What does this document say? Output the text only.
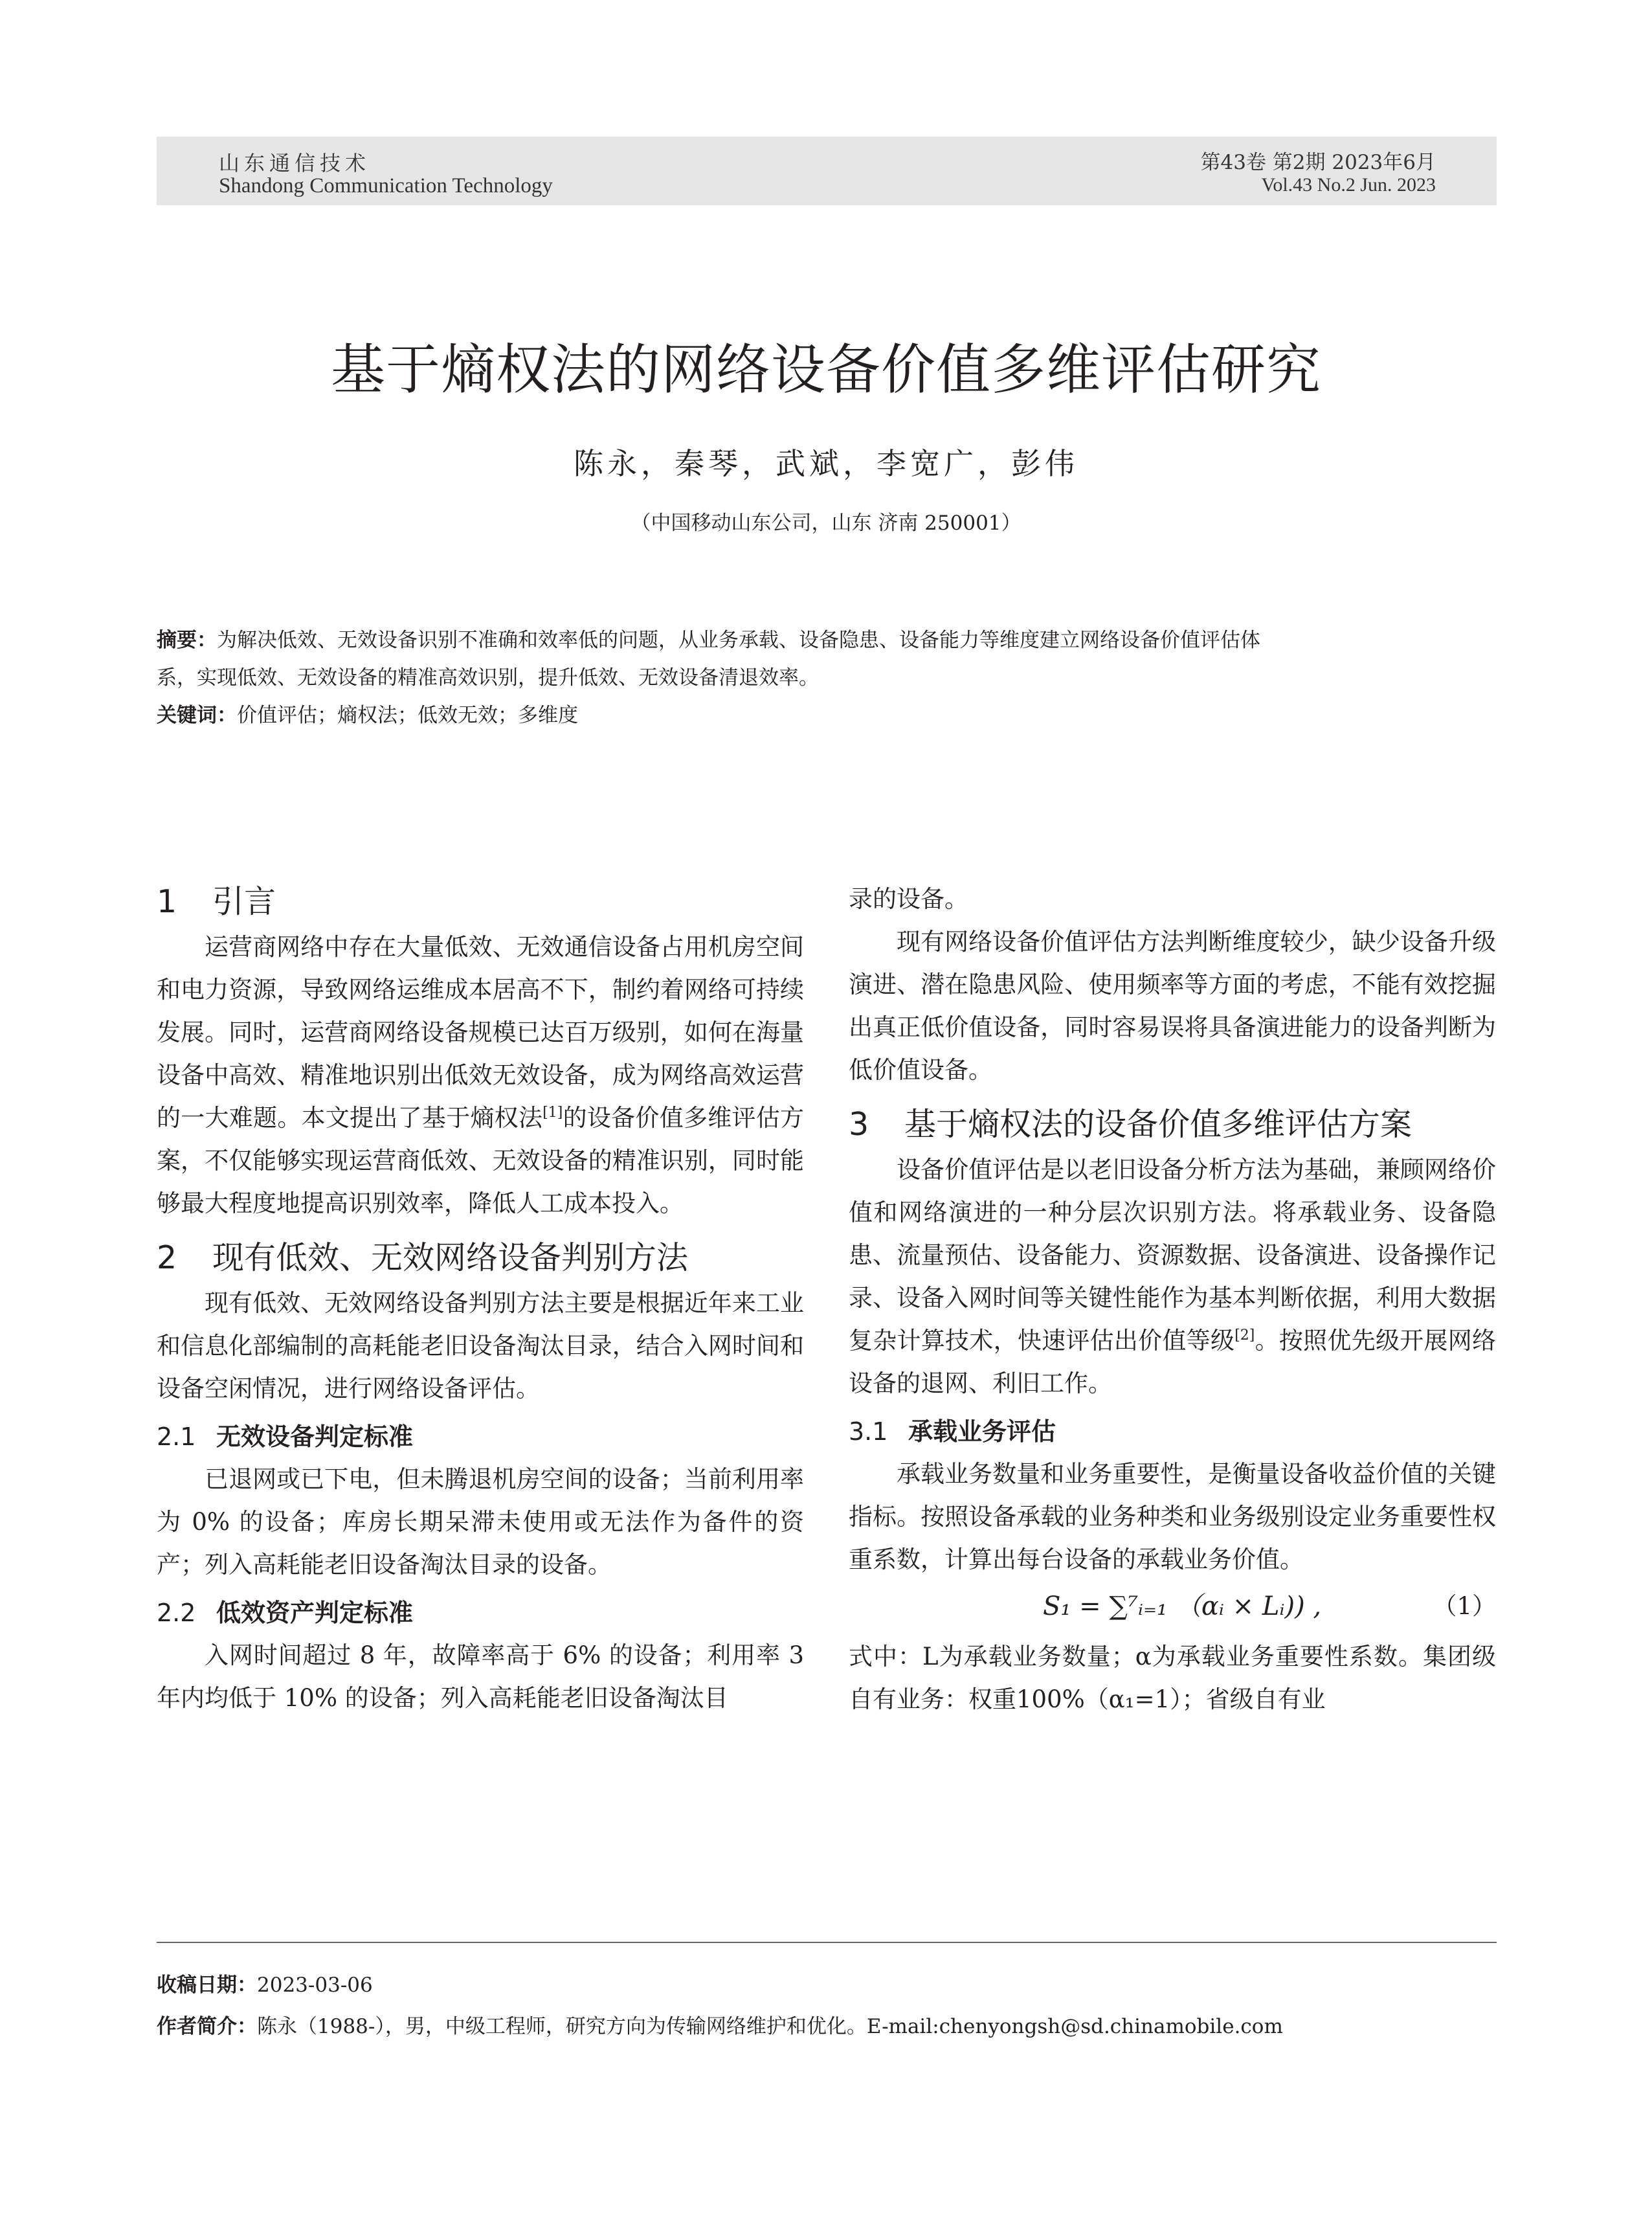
山东通信技术
Shandong Communication Technology
第43卷 第2期 2023年6月
Vol.43 No.2 Jun. 2023
基于熵权法的网络设备价值多维评估研究
陈永，秦琴，武斌，李宽广，彭伟
（中国移动山东公司，山东 济南 250001）
摘要：为解决低效、无效设备识别不准确和效率低的问题，从业务承载、设备隐患、设备能力等维度建立网络设备价值评估体
系，实现低效、无效设备的精准高效识别，提升低效、无效设备清退效率。
关键词：价值评估；熵权法；低效无效；多维度
1 引言

运营商网络中存在大量低效、无效通信设备占用机房空间和电力资源，导致网络运维成本居高不下，制约着网络可持续发展。同时，运营商网络设备规模已达百万级别，如何在海量设备中高效、精准地识别出低效无效设备，成为网络高效运营的一大难题。本文提出了基于熵权法[1]的设备价值多维评估方案，不仅能够实现运营商低效、无效设备的精准识别，同时能够最大程度地提高识别效率，降低人工成本投入。

2 现有低效、无效网络设备判别方法

现有低效、无效网络设备判别方法主要是根据近年来工业和信息化部编制的高耗能老旧设备淘汰目录，结合入网时间和设备空闲情况，进行网络设备评估。

2.1 无效设备判定标准

已退网或已下电，但未腾退机房空间的设备；当前利用率为 0% 的设备；库房长期呆滞未使用或无法作为备件的资产；列入高耗能老旧设备淘汰目录的设备。

2.2 低效资产判定标准

入网时间超过 8 年，故障率高于 6% 的设备；利用率 3 年内均低于 10% 的设备；列入高耗能老旧设备淘汰目

录的设备。

现有网络设备价值评估方法判断维度较少，缺少设备升级演进、潜在隐患风险、使用频率等方面的考虑，不能有效挖掘出真正低价值设备，同时容易误将具备演进能力的设备判断为低价值设备。

3 基于熵权法的设备价值多维评估方案

设备价值评估是以老旧设备分析方法为基础，兼顾网络价值和网络演进的一种分层次识别方法。将承载业务、设备隐患、流量预估、设备能力、资源数据、设备演进、设备操作记录、设备入网时间等关键性能作为基本判断依据，利用大数据复杂计算技术，快速评估出价值等级[2]。按照优先级开展网络设备的退网、利旧工作。

3.1 承载业务评估

承载业务数量和业务重要性，是衡量设备收益价值的关键指标。按照设备承载的业务种类和业务级别设定业务重要性权重系数，计算出每台设备的承载业务价值。

S₁ = ∑⁷ᵢ₌₁ （αᵢ × Lᵢ)) ,	（1）

式中：L为承载业务数量；α为承载业务重要性系数。集团级自有业务：权重100%（α₁=1）；省级自有业

收稿日期：2023-03-06
作者简介：陈永（1988-），男，中级工程师，研究方向为传输网络维护和优化。E-mail:chenyongsh@sd.chinamobile.com
